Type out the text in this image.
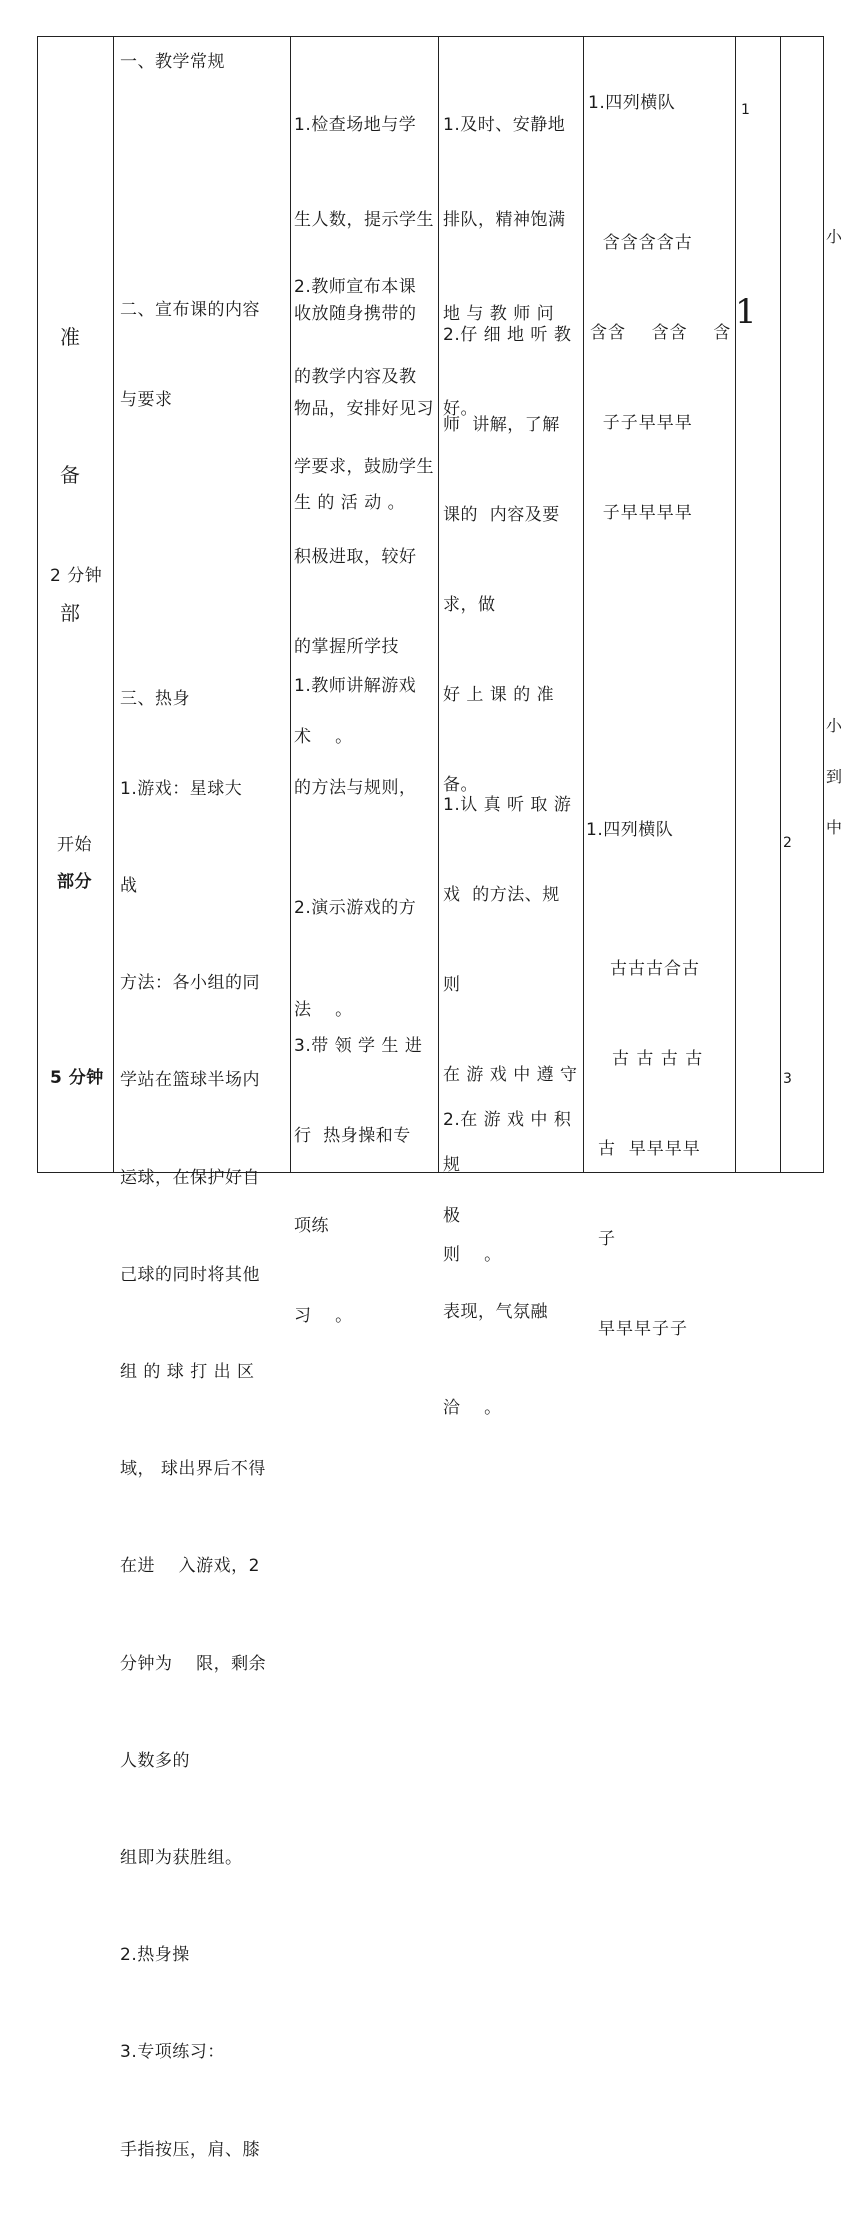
准

备

部

2 分钟
开始
部分
5 分钟
一、教学常规

二、宣布课的内容

与要求

三、热身

1.游戏：星球大

战

方法：各小组的同

学站在篮球半场内

运球，在保护好自

己球的同时将其他

组 的 球 打 出 区

域， 球出界后不得

在进    入游戏，2

分钟为    限，剩余

人数多的

组即为获胜组。

2.热身操

3.专项练习：

手指按压，肩、膝

1.检查场地与学

生人数，提示学生

收放随身携带的

物品，安排好见习

生 的 活 动 。

2.教师宣布本课

的教学内容及教

学要求，鼓励学生

积极进取，较好

的掌握所学技

术    。

1.教师讲解游戏

的方法与规则，

2.演示游戏的方

法    。

3.带 领 学 生 进

行  热身操和专

项练

习    。

1.及时、安静地

排队，精神饱满

地 与 教 师 问

好。

2.仔 细 地 听 教

师  讲解，了解

课的  内容及要

求，做

好 上 课 的 准

备。

1.认 真 听 取 游

戏  的方法、规

则

在 游 戏 中 遵 守

规

则    。

2.在 游 戏 中 积

极

表现，气氛融

洽    。

1.四列横队

含含含含古

含含    含含    含

子子早早早

子早早早早

1.四列横队

古古古合古

古 古 古 古

古  早早早早

子

早早早子子

1
1
2
3
小

小

到

中
